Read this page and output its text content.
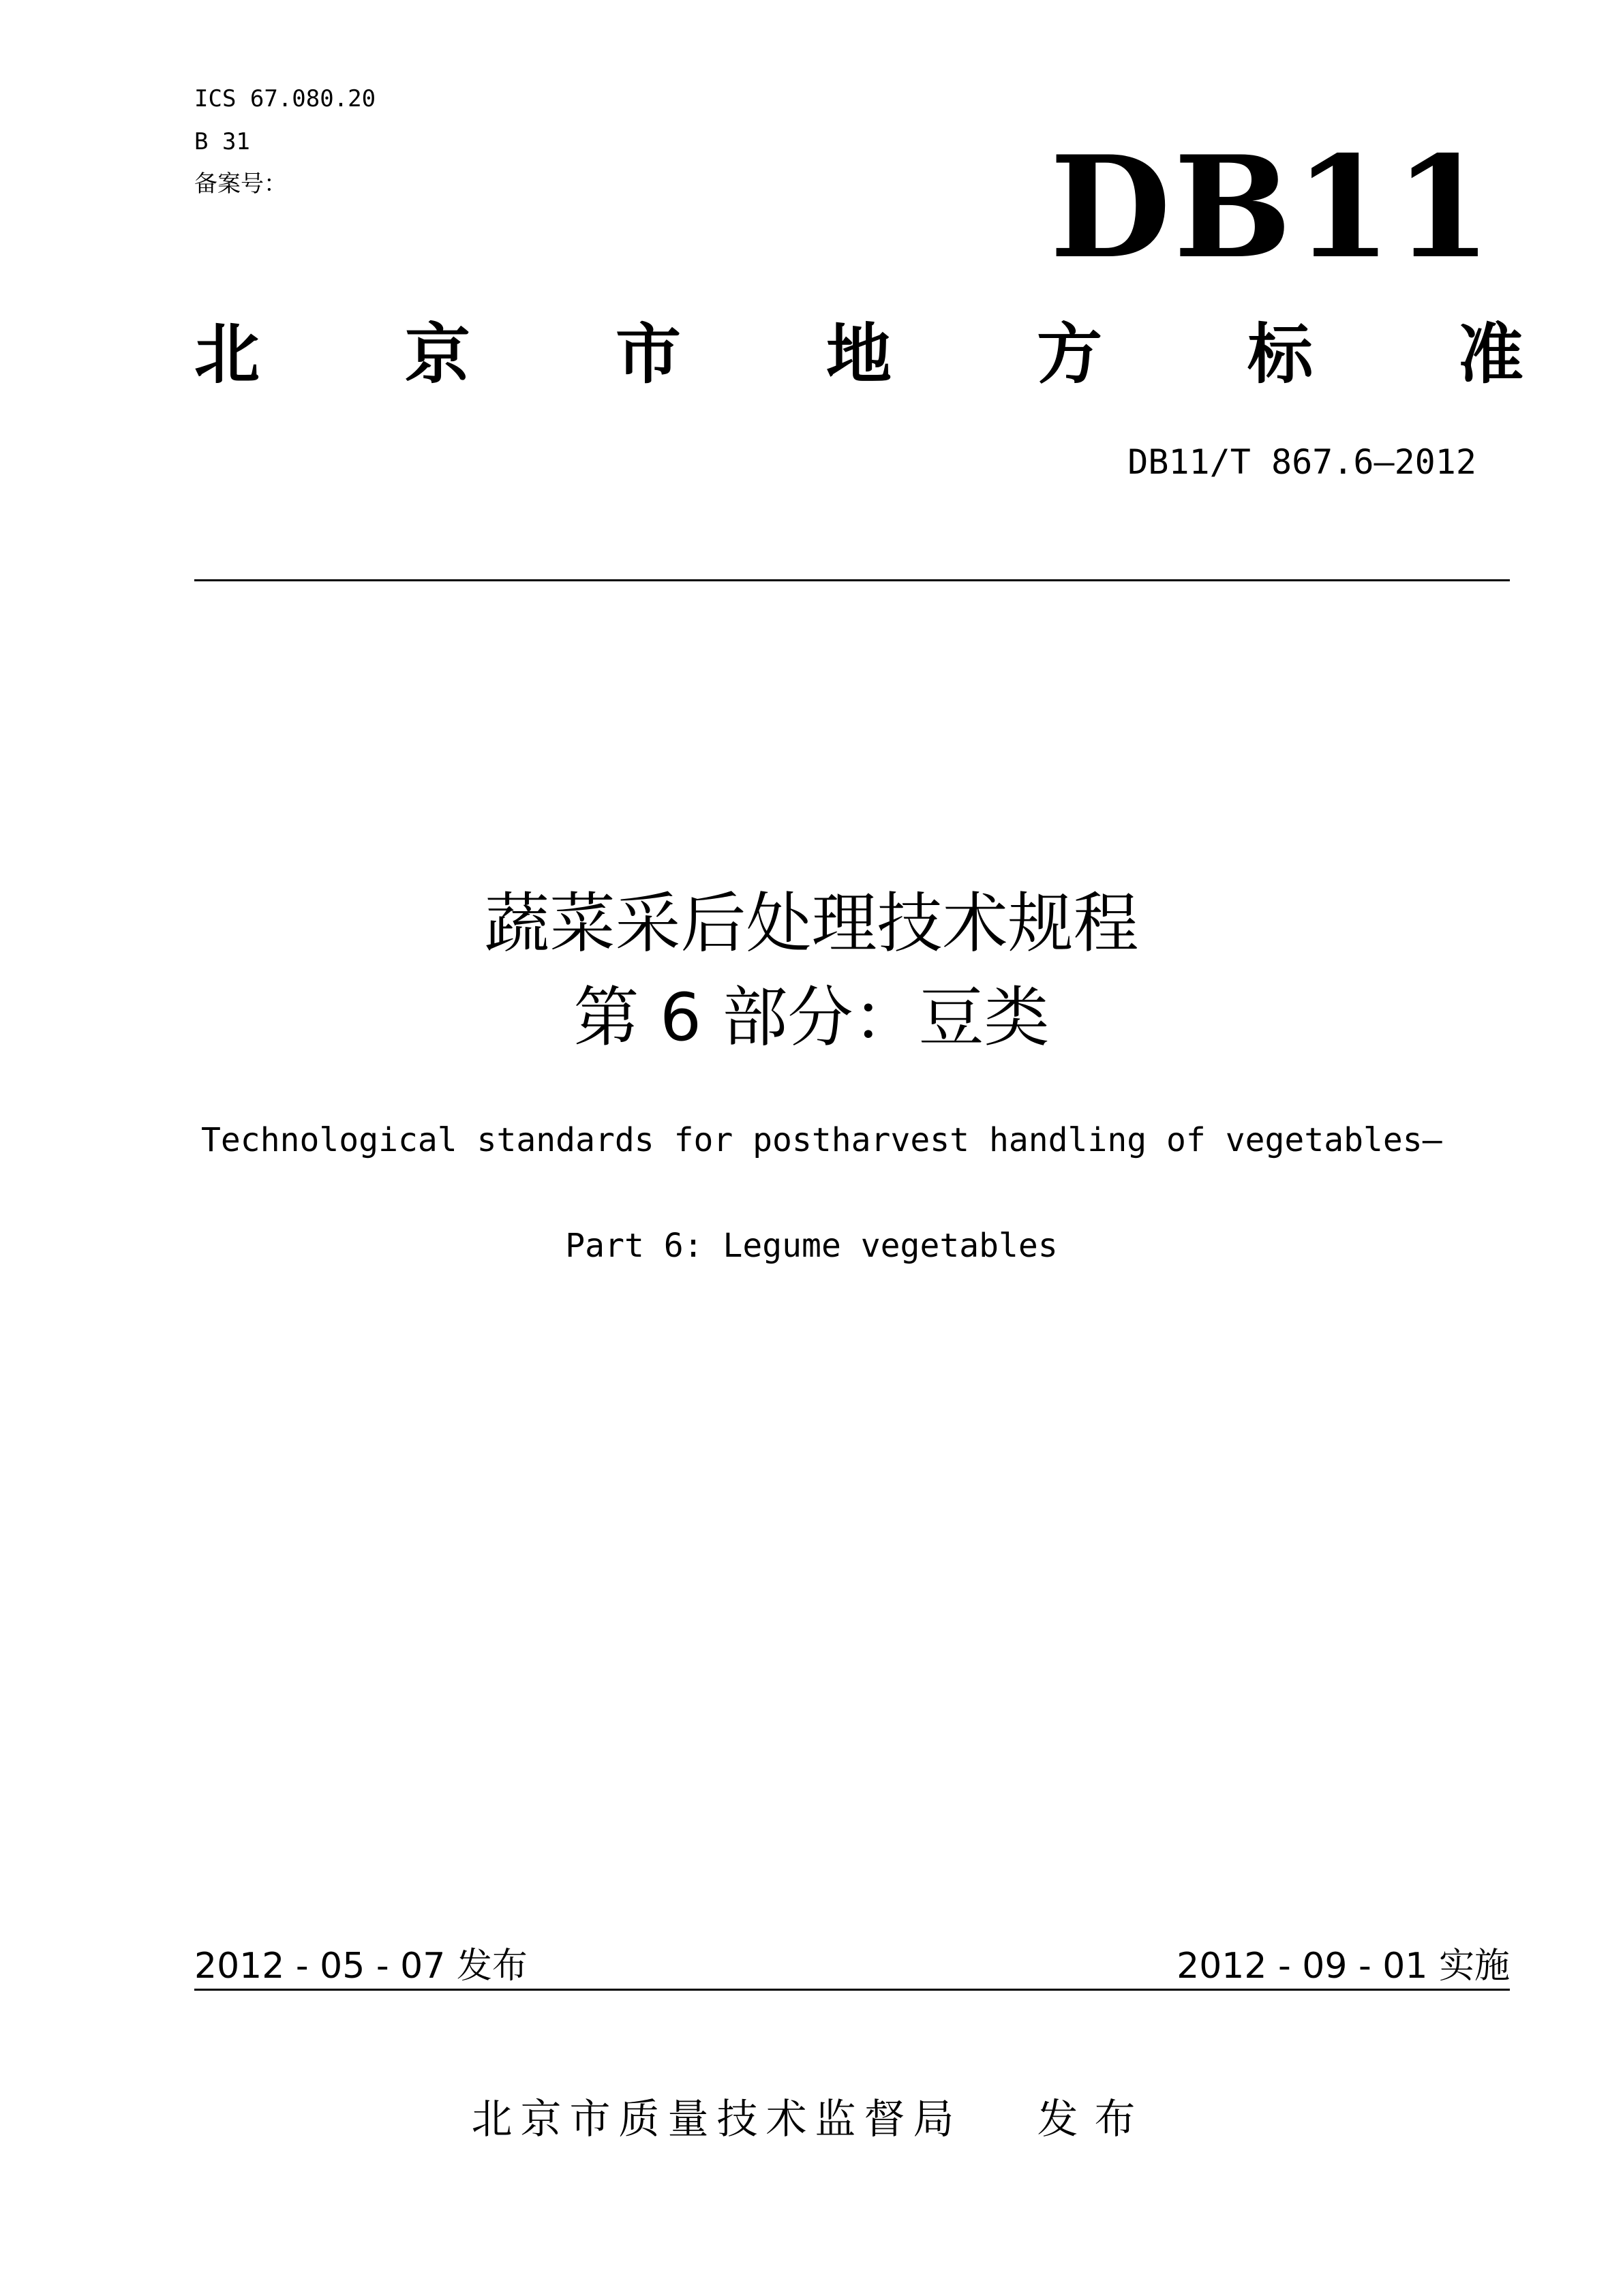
ICS 67.080.20
B 31
备案号：	DB11
北 京 市 地 方 标 准
DB11/T 867.6—2012
蔬菜采后处理技术规程
第 6 部分：豆类
Technological standards for postharvest handling of vegetables—
Part 6: Legume vegetables
2012 - 05 - 07 发布	2012 - 09 - 01 实施
北京市质量技术监督局 发布
